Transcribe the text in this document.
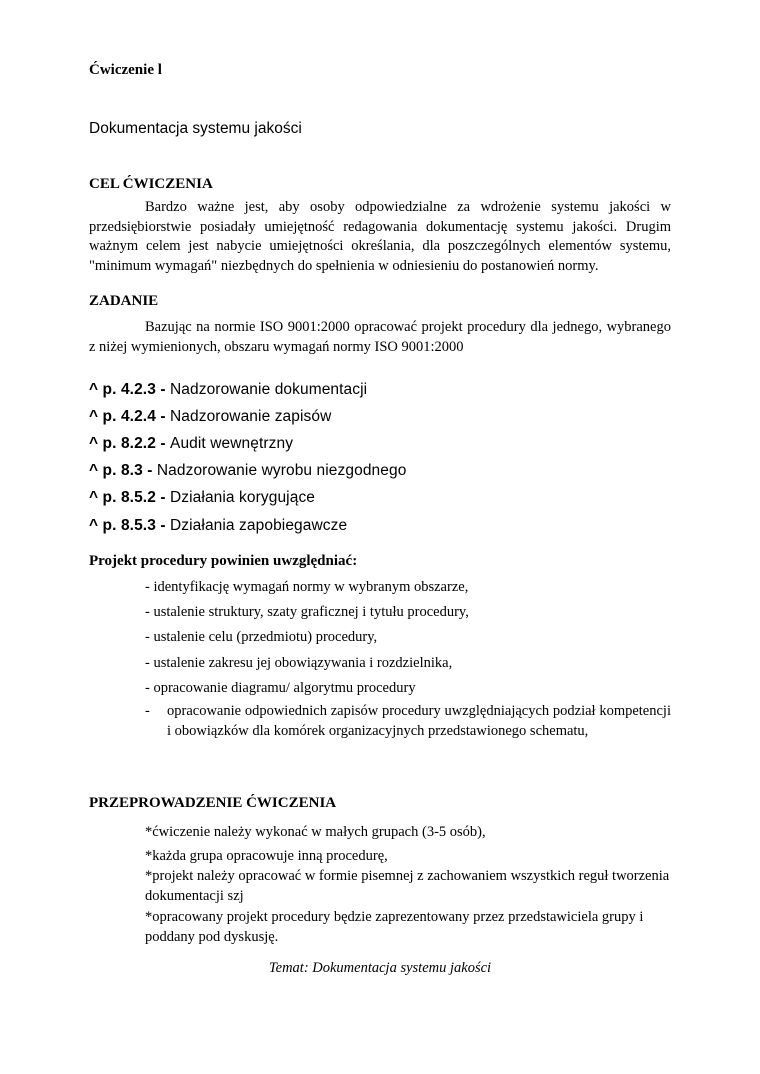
Ćwiczenie l
Dokumentacja systemu jakości
CEL ĆWICZENIA
Bardzo ważne jest, aby osoby odpowiedzialne za wdrożenie systemu jakości w przedsiębiorstwie posiadały umiejętność redagowania dokumentację systemu jakości. Drugim ważnym celem jest nabycie umiejętności określania, dla poszczególnych elementów systemu, "minimum wymagań" niezbędnych do spełnienia w odniesieniu do postanowień normy.
ZADANIE
Bazując na normie ISO 9001:2000 opracować projekt procedury dla jednego, wybranego z niżej wymienionych, obszaru wymagań normy ISO 9001:2000
^ p. 4.2.3 - Nadzorowanie dokumentacji
^ p. 4.2.4 - Nadzorowanie zapisów
^ p. 8.2.2 - Audit wewnętrzny
^ p. 8.3 - Nadzorowanie wyrobu niezgodnego
^ p. 8.5.2 - Działania korygujące
^ p. 8.5.3 - Działania zapobiegawcze
Projekt procedury powinien uwzględniać:
- identyfikację wymagań normy w wybranym obszarze,
- ustalenie struktury, szaty graficznej i tytułu procedury,
- ustalenie celu (przedmiotu) procedury,
- ustalenie zakresu jej obowiązywania i rozdzielnika,
- opracowanie diagramu/ algorytmu procedury
- opracowanie odpowiednich zapisów procedury uwzględniających podział kompetencji i obowiązków dla komórek organizacyjnych przedstawionego schematu,
PRZEPROWADZENIE ĆWICZENIA
*ćwiczenie należy wykonać w małych grupach (3-5 osób),
*każda grupa opracowuje inną procedurę,
*projekt należy opracować w formie pisemnej z zachowaniem wszystkich reguł tworzenia dokumentacji szj
*opracowany projekt procedury będzie zaprezentowany przez przedstawiciela grupy i poddany pod dyskusję.
Temat: Dokumentacja systemu jakości
